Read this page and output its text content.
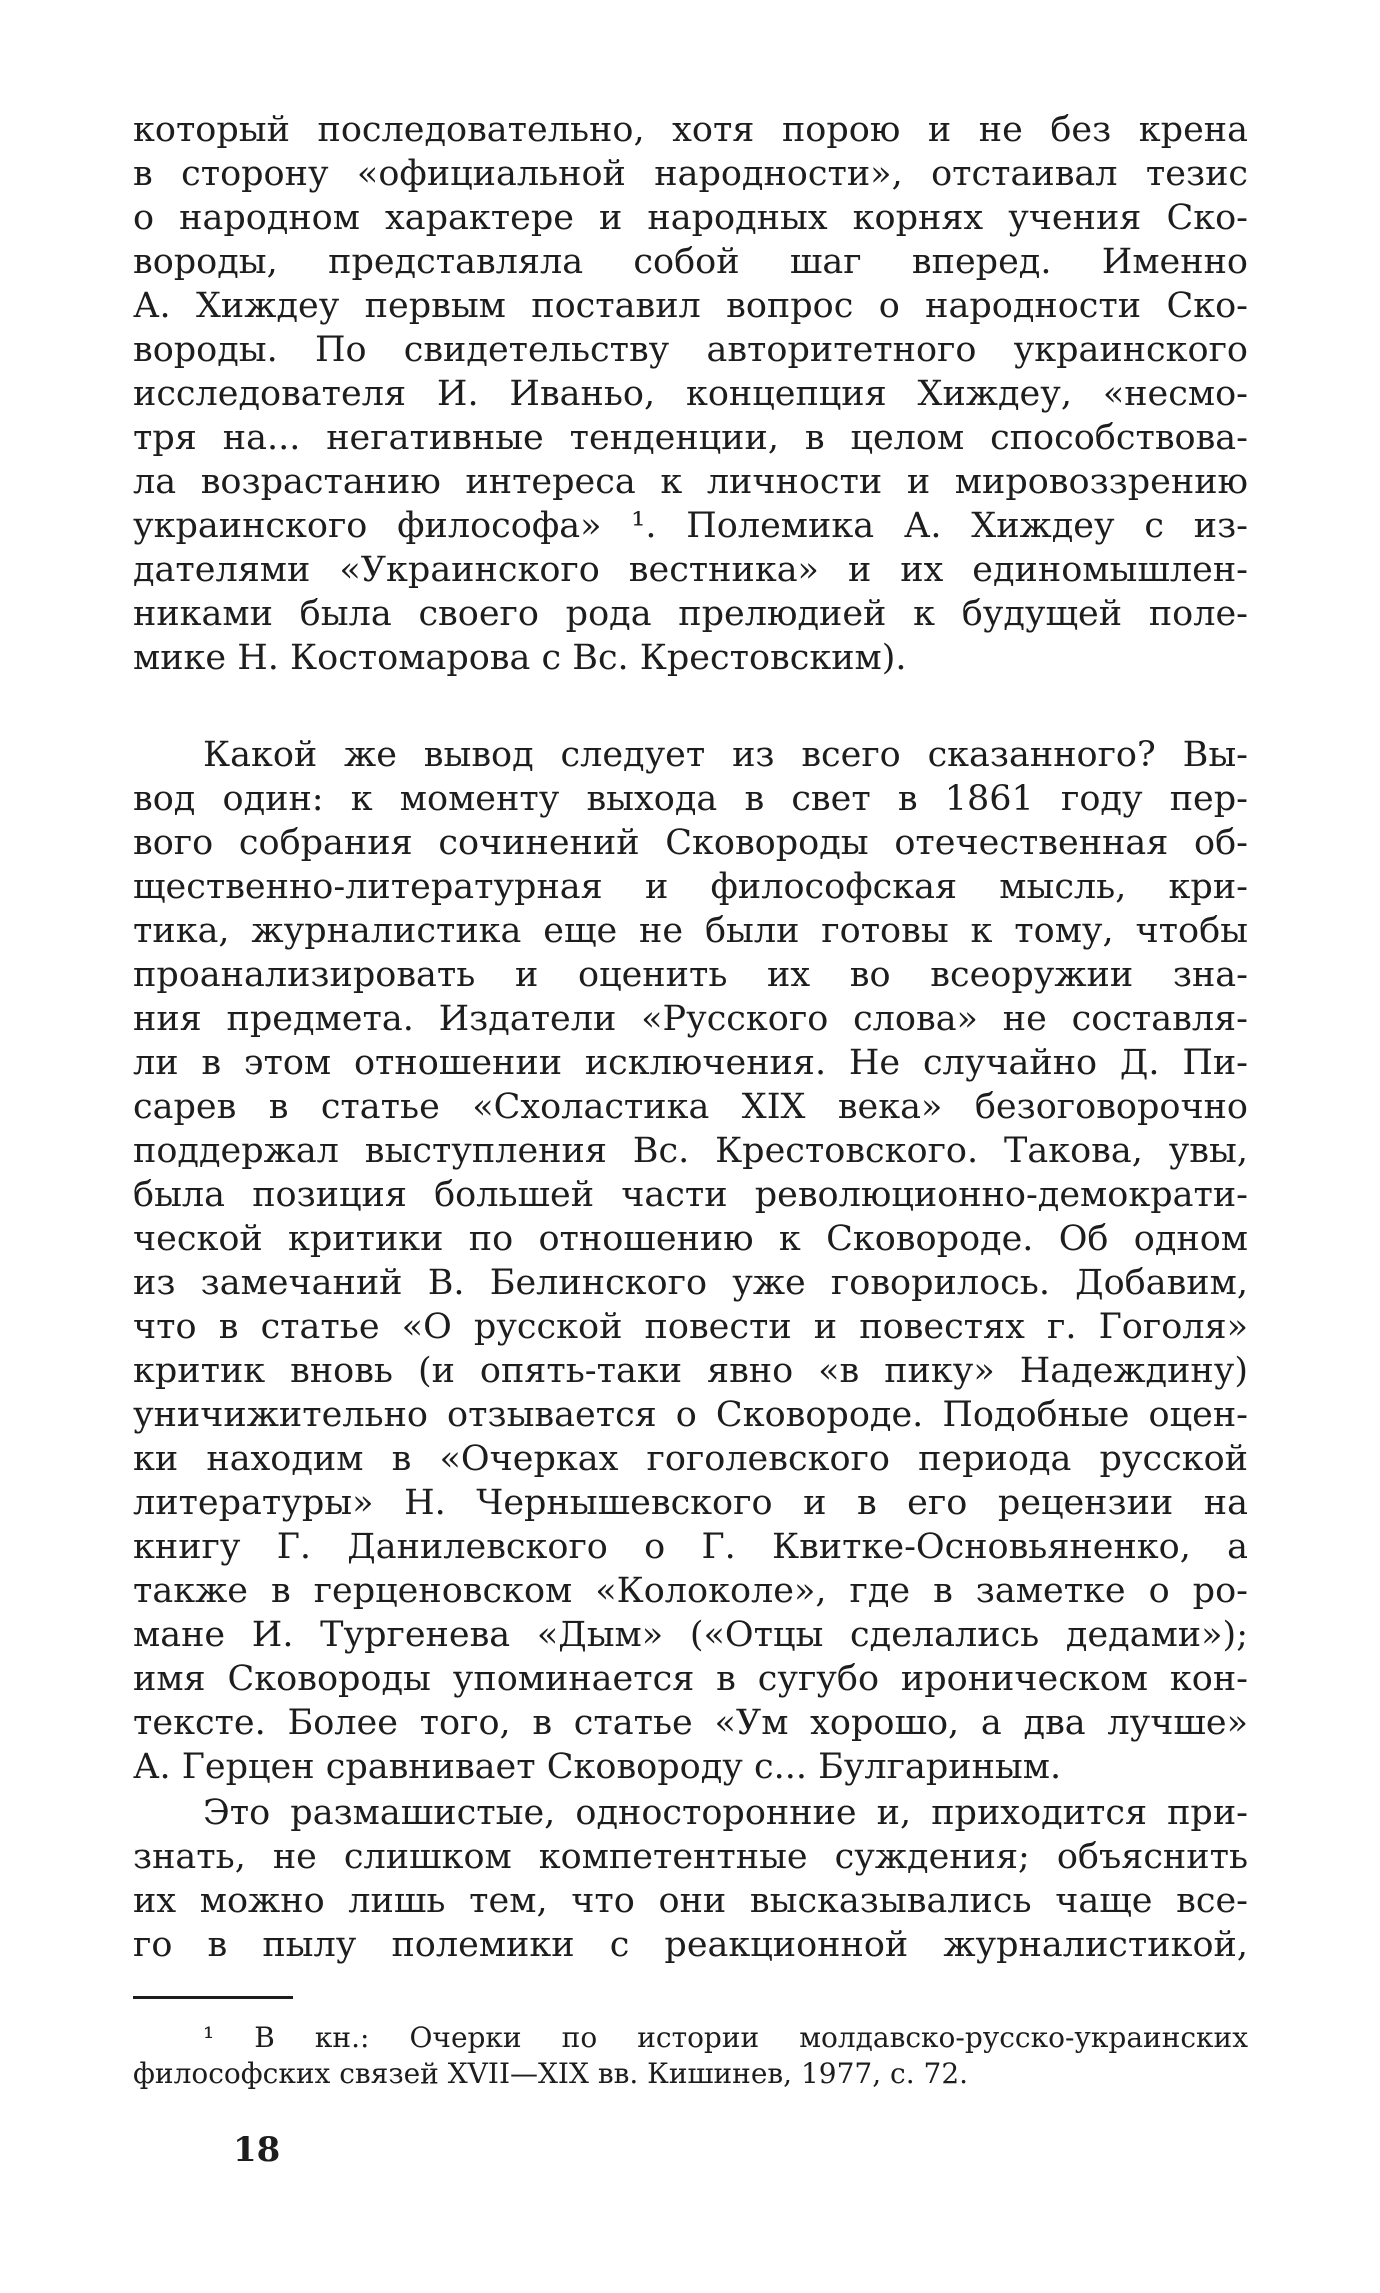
который последовательно, хотя порою и не без крена
в сторону «официальной народности», отстаивал тезис
о народном характере и народных корнях учения Ско-
вороды, представляла собой шаг вперед. Именно
А. Хиждеу первым поставил вопрос о народности Ско-
вороды. По свидетельству авторитетного украинского
исследователя И. Иваньо, концепция Хиждеу, «несмо-
тря на... негативные тенденции, в целом способствова-
ла возрастанию интереса к личности и мировоззрению
украинского философа» ¹. Полемика А. Хиждеу с из-
дателями «Украинского вестника» и их единомышлен-
никами была своего рода прелюдией к будущей поле-
мике Н. Костомарова с Вс. Крестовским).
Какой же вывод следует из всего сказанного? Вы-
вод один: к моменту выхода в свет в 1861 году пер-
вого собрания сочинений Сковороды отечественная об-
щественно-литературная и философская мысль, кри-
тика, журналистика еще не были готовы к тому, чтобы
проанализировать и оценить их во всеоружии зна-
ния предмета. Издатели «Русского слова» не составля-
ли в этом отношении исключения. Не случайно Д. Пи-
сарев в статье «Схоластика XIX века» безоговорочно
поддержал выступления Вс. Крестовского. Такова, увы,
была позиция большей части революционно-демократи-
ческой критики по отношению к Сковороде. Об одном
из замечаний В. Белинского уже говорилось. Добавим,
что в статье «О русской повести и повестях г. Гоголя»
критик вновь (и опять-таки явно «в пику» Надеждину)
уничижительно отзывается о Сковороде. Подобные оцен-
ки находим в «Очерках гоголевского периода русской
литературы» Н. Чернышевского и в его рецензии на
книгу Г. Данилевского о Г. Квитке-Основьяненко, а
также в герценовском «Колоколе», где в заметке о ро-
мане И. Тургенева «Дым» («Отцы сделались дедами»);
имя Сковороды упоминается в сугубо ироническом кон-
тексте. Более того, в статье «Ум хорошо, а два лучше»
А. Герцен сравнивает Сковороду с... Булгариным.
Это размашистые, односторонние и, приходится при-
знать, не слишком компетентные суждения; объяснить
их можно лишь тем, что они высказывались чаще все-
го в пылу полемики с реакционной журналистикой,
¹ В кн.: Очерки по истории молдавско-русско-украинских
философских связей XVII—XIX вв. Кишинев, 1977, с. 72.
18
